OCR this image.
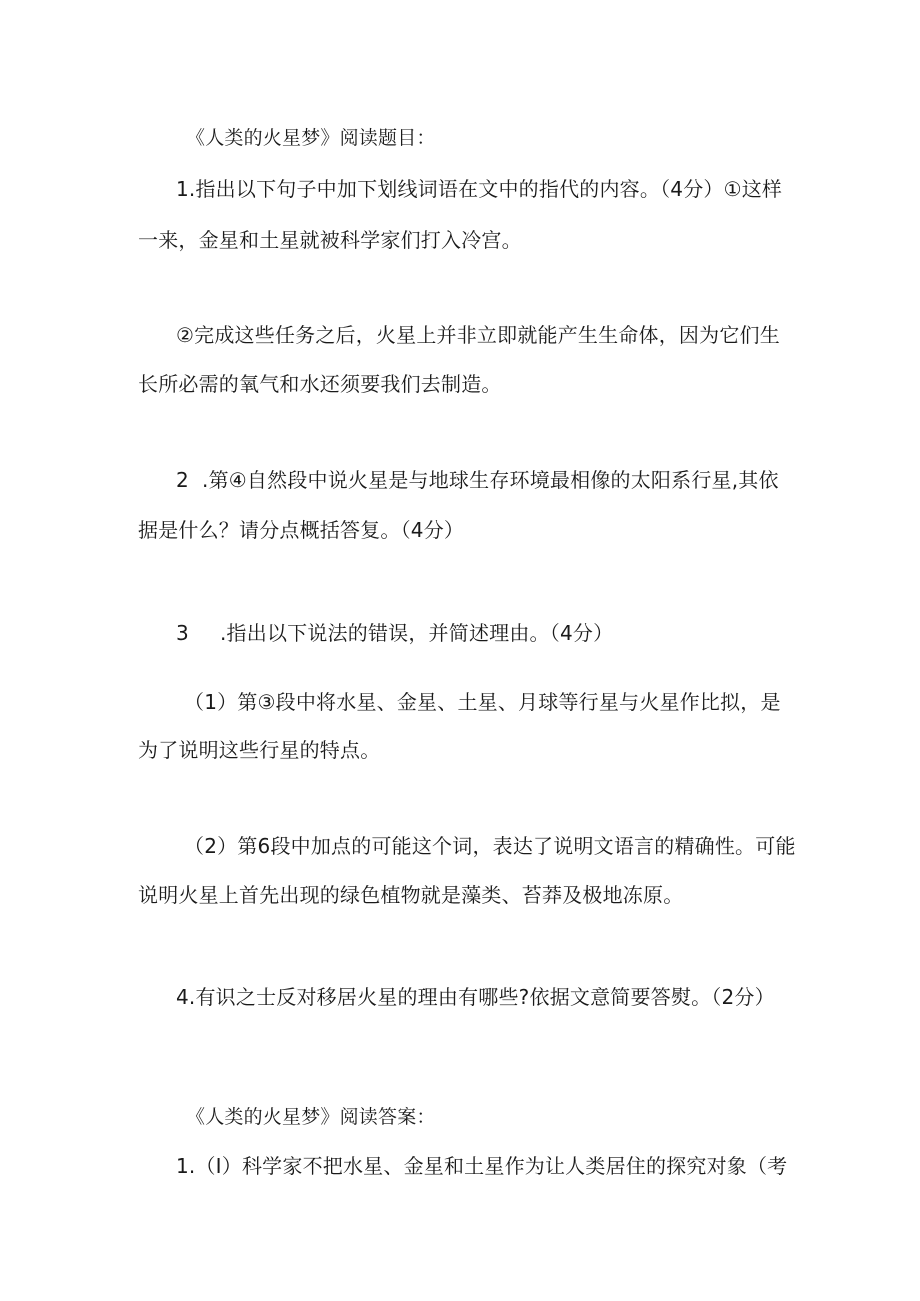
《人类的火星梦》阅读题目：
1.指出以下句子中加下划线词语在文中的指代的内容。（4分）①这样
一来，金星和土星就被科学家们打入冷宫。
②完成这些任务之后，火星上并非立即就能产生生命体，因为它们生
长所必需的氧气和水还须要我们去制造。
2  .第④自然段中说火星是与地球生存环境最相像的太阳系行星,其依
据是什么？请分点概括答复。（4分）
3 .指出以下说法的错误，并简述理由。（4分）
（1）第③段中将水星、金星、土星、月球等行星与火星作比拟，是
为了说明这些行星的特点。
（2）第6段中加点的可能这个词，表达了说明文语言的精确性。可能
说明火星上首先出现的绿色植物就是藻类、苔莽及极地冻原。
4.有识之士反对移居火星的理由有哪些?依据文意简要答熨。（2分）
《人类的火星梦》阅读答案：
1.（I）科学家不把水星、金星和土星作为让人类居住的探究对象（考
